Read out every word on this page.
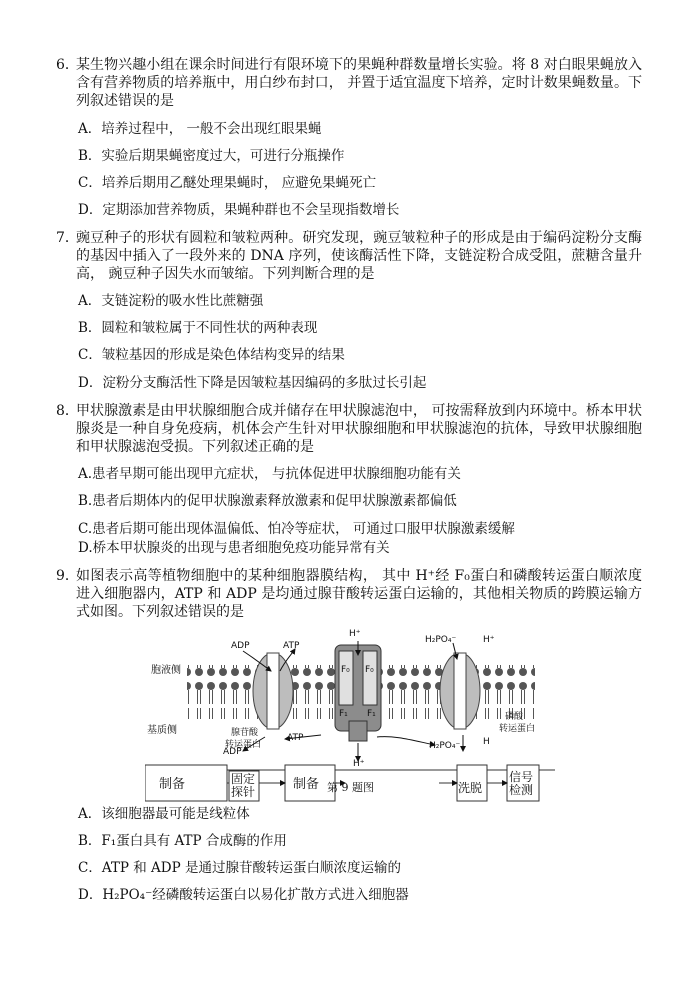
6．
某生物兴趣小组在课余时间进行有限环境下的果蝇种群数量增长实验。将 8 对白眼果蝇放入含有营养物质的培养瓶中，用白纱布封口， 并置于适宜温度下培养，定时计数果蝇数量。下列叙述错误的是
A．培养过程中， 一般不会出现红眼果蝇
B．实验后期果蝇密度过大，可进行分瓶操作
C．培养后期用乙醚处理果蝇时， 应避免果蝇死亡
D．定期添加营养物质，果蝇种群也不会呈现指数增长
7．
豌豆种子的形状有圆粒和皱粒两种。研究发现，豌豆皱粒种子的形成是由于编码淀粉分支酶的基因中插入了一段外来的 DNA 序列，使该酶活性下降，支链淀粉合成受阻，蔗糖含量升高， 豌豆种子因失水而皱缩。下列判断合理的是
A．支链淀粉的吸水性比蔗糖强
B．圆粒和皱粒属于不同性状的两种表现
C．皱粒基因的形成是染色体结构变异的结果
D．淀粉分支酶活性下降是因皱粒基因编码的多肽过长引起
8．
甲状腺激素是由甲状腺细胞合成并储存在甲状腺滤泡中， 可按需释放到内环境中。桥本甲状腺炎是一种自身免疫病，机体会产生针对甲状腺细胞和甲状腺滤泡的抗体，导致甲状腺细胞和甲状腺滤泡受损。下列叙述正确的是
A.患者早期可能出现甲亢症状， 与抗体促进甲状腺细胞功能有关
B.患者后期体内的促甲状腺激素释放激素和促甲状腺激素都偏低
C.患者后期可能出现体温偏低、怕冷等症状， 可通过口服甲状腺激素缓解
D.桥本甲状腺炎的出现与患者细胞免疫功能异常有关
9．
如图表示高等植物细胞中的某种细胞器膜结构， 其中 H⁺经 F₀蛋白和磷酸转运蛋白顺浓度进入细胞器内，ATP 和 ADP 是均通过腺苷酸转运蛋白运输的，其他相关物质的跨膜运输方式如图。下列叙述错误的是
胞液侧
基质侧
ADP	ATP
H⁺
H₂PO₄⁻	H⁺
F₀ F₀
F₁ F₁
腺苷酸
转运蛋白
ATP
ADP
H⁺
H₂PO₄⁻	H
磷酸
转运蛋白
制备	固定探针	制备 第 9 题图	洗脱
信号检测
A．该细胞器最可能是线粒体
B．F₁蛋白具有 ATP 合成酶的作用
C．ATP 和 ADP 是通过腺苷酸转运蛋白顺浓度运输的
D．H₂PO₄⁻经磷酸转运蛋白以易化扩散方式进入细胞器
